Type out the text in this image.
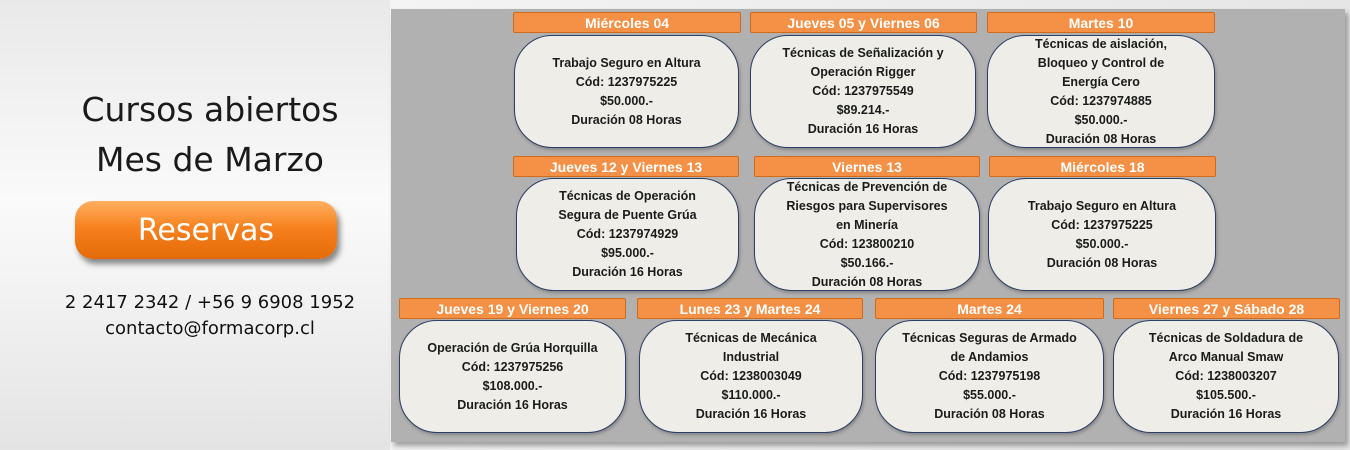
Cursos abiertos
Mes de Marzo
Reservas
2 2417 2342 / +56 9 6908 1952
contacto@formacorp.cl
Miércoles 04
Trabajo Seguro en Altura
Cód: 1237975225
$50.000.-
Duración 08 Horas
Jueves 05 y Viernes 06
Técnicas de Señalización y
Operación Rigger
Cód: 1237975549
$89.214.-
Duración 16 Horas
Martes 10
Técnicas de aislación,
Bloqueo y Control de
Energía Cero
Cód: 1237974885
$50.000.-
Duración 08 Horas
Jueves 12 y Viernes 13
Técnicas de Operación
Segura de Puente Grúa
Cód: 1237974929
$95.000.-
Duración 16 Horas
Viernes 13
Técnicas de Prevención de
Riesgos para Supervisores
en Minería
Cód: 123800210
$50.166.-
Duración 08 Horas
Miércoles 18
Trabajo Seguro en Altura
Cód: 1237975225
$50.000.-
Duración 08 Horas
Jueves 19 y Viernes 20
Operación de Grúa Horquilla
Cód: 1237975256
$108.000.-
Duración 16 Horas
Lunes 23 y Martes 24
Técnicas de Mecánica
Industrial
Cód: 1238003049
$110.000.-
Duración 16 Horas
Martes 24
Técnicas Seguras de Armado
de Andamios
Cód: 1237975198
$55.000.-
Duración 08 Horas
Viernes 27 y Sábado 28
Técnicas de Soldadura de
Arco Manual Smaw
Cód: 1238003207
$105.500.-
Duración 16 Horas
